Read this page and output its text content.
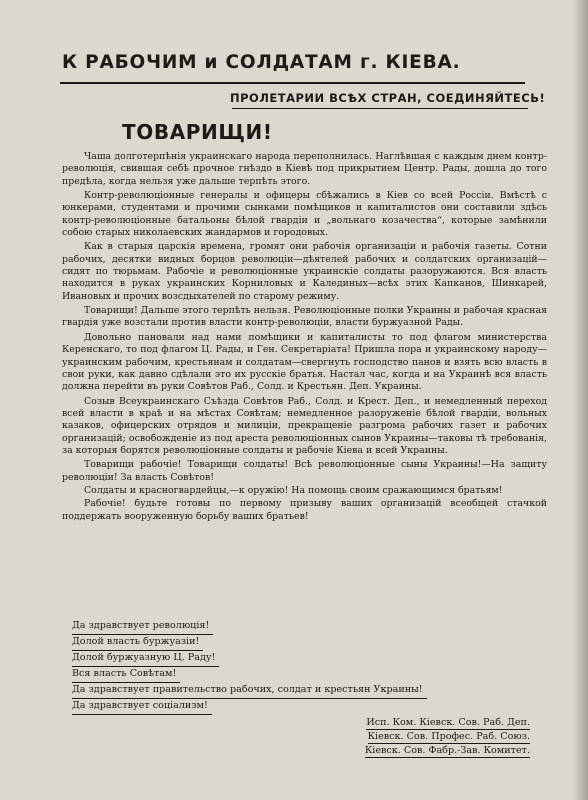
К РАБОЧИМ и СОЛДАТАМ г. КІЕВА.
ПРОЛЕТАРИИ ВСѢХ СТРАН, СОЕДИНЯЙТЕСЬ!
ТОВАРИЩИ!

Чаша долготерпѣнія украинскаго народа переполнилась. Наглѣвшая с каждым днем контр-революція, свившая себѣ прочное гнѣздо в Кіевѣ под прикрытием Центр. Рады, дошла до того предѣла, когда нельзя уже дальше терпѣть этого.

Контр-революціонные генералы и офицеры сбѣжались в Кіев со всей Россіи. Вмѣстѣ с юнкерами, студентами и прочими сынками помѣщиков и капиталистов они составили здѣсь контр-революціонные батальоны бѣлой гвардіи и „вольнаго козачества“, которые замѣнили собою старых николаевских жандармов и городовых.

Как в старыя царскія времена, громят они рабочія организаціи и рабочія газеты. Сотни рабочих, десятки видных борцов революціи—дѣятелей рабочих и солдатских организацій—сидят по тюрьмам. Рабочіе и революціонные украинскіе солдаты разоружаются. Вся власть находится в руках украинских Корниловых и Калединых—всѣх этих Капканов, Шинкарей, Ивановых и прочих возсдыхателей по старому режиму.

Товарищи! Дальше этого терпѣть нельзя. Революціонные полки Украины и рабочая красная гвардія уже возстали против власти контр-революціи, власти буржуазной Рады.

Довольно пановали над нами помѣщики и капиталисты то под флагом министерства Керенскаго, то под флагом Ц. Рады, и Ген. Секретаріата! Пришла пора и украинскому народу—украинским рабочим, крестьянам и солдатам—свергнуть господство панов и взять всю власть в свои руки, как давно сдѣлали это их русскіе братья. Настал час, когда и на Украинѣ вся власть должна перейти въ руки Совѣтов Раб., Солд. и Крестьян. Деп. Украины.

Созыв Всеукраинскаго Съѣзда Совѣтов Раб., Солд. и Крест. Деп., и немедленный переход всей власти в краѣ и на мѣстах Совѣтам; немедленное разоруженіе бѣлой гвардіи, вольных казаков, офицерских отрядов и милиціи, прекращеніе разгрома рабочих газет и рабочих организацій; освобожденіе из под ареста революціонных сынов Украины—таковы тѣ требованія, за которыя борятся революціонные солдаты и рабочіе Кіева и всей Украины.

Товарищи рабочіе! Товарищи солдаты! Всѣ революціонные сыны Украины!—На защиту революціи! За власть Совѣтов!

Солдаты и красногвардейцы,—к оружію! На помощь своим сражающимся братьям!

Рабочіе! будьте готовы по первому призыву ваших организацій всеобщей стачкой поддержать вооруженную борьбу ваших братьев!

Да здравствует революція!
Долой власть буржуазіи!
Долой буржуазную Ц. Раду!
Вся власть Совѣтам!
Да здравствует правительство рабочих, солдат и крестьян Украины!
Да здравствует соціализм!
Исп. Ком. Кіевск. Сов. Раб. Деп.
Кіевск. Сов. Профес. Раб. Союз.
Кіевск. Сов. Фабр.-Зав. Комитет.
